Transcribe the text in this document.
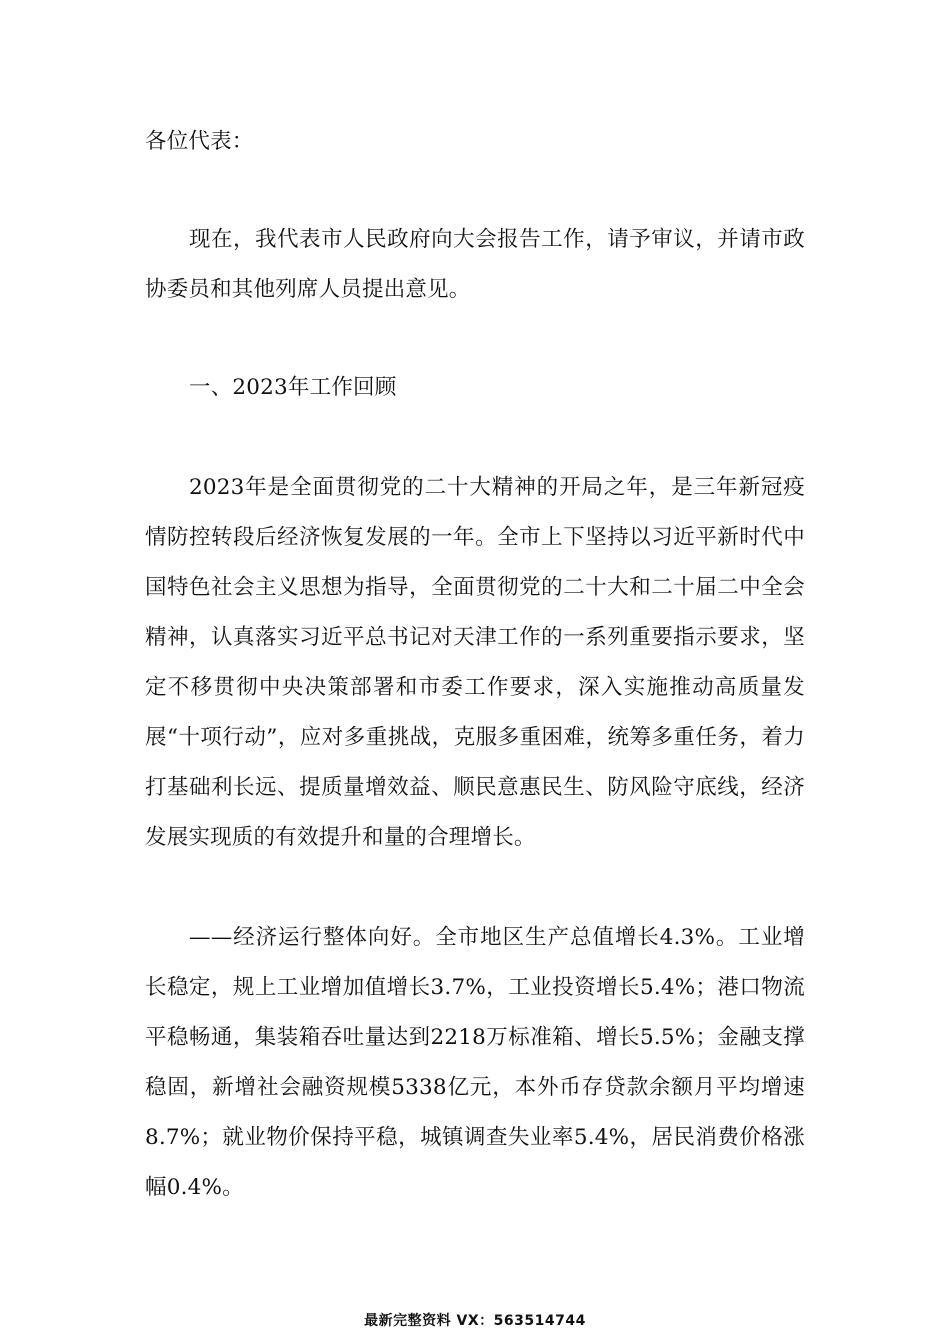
各位代表：

现在，我代表市人民政府向大会报告工作，请予审议，并请市政协委员和其他列席人员提出意见。

一、2023年工作回顾

2023年是全面贯彻党的二十大精神的开局之年，是三年新冠疫情防控转段后经济恢复发展的一年。全市上下坚持以习近平新时代中国特色社会主义思想为指导，全面贯彻党的二十大和二十届二中全会精神，认真落实习近平总书记对天津工作的一系列重要指示要求，坚定不移贯彻中央决策部署和市委工作要求，深入实施推动高质量发展“十项行动”，应对多重挑战，克服多重困难，统筹多重任务，着力打基础利长远、提质量增效益、顺民意惠民生、防风险守底线，经济发展实现质的有效提升和量的合理增长。

——经济运行整体向好。全市地区生产总值增长4.3%。工业增长稳定，规上工业增加值增长3.7%，工业投资增长5.4%；港口物流平稳畅通，集装箱吞吐量达到2218万标准箱、增长5.5%；金融支撑稳固，新增社会融资规模5338亿元，本外币存贷款余额月平均增速8.7%；就业物价保持平稳，城镇调查失业率5.4%，居民消费价格涨幅0.4%。

最新完整资料 VX：563514744
